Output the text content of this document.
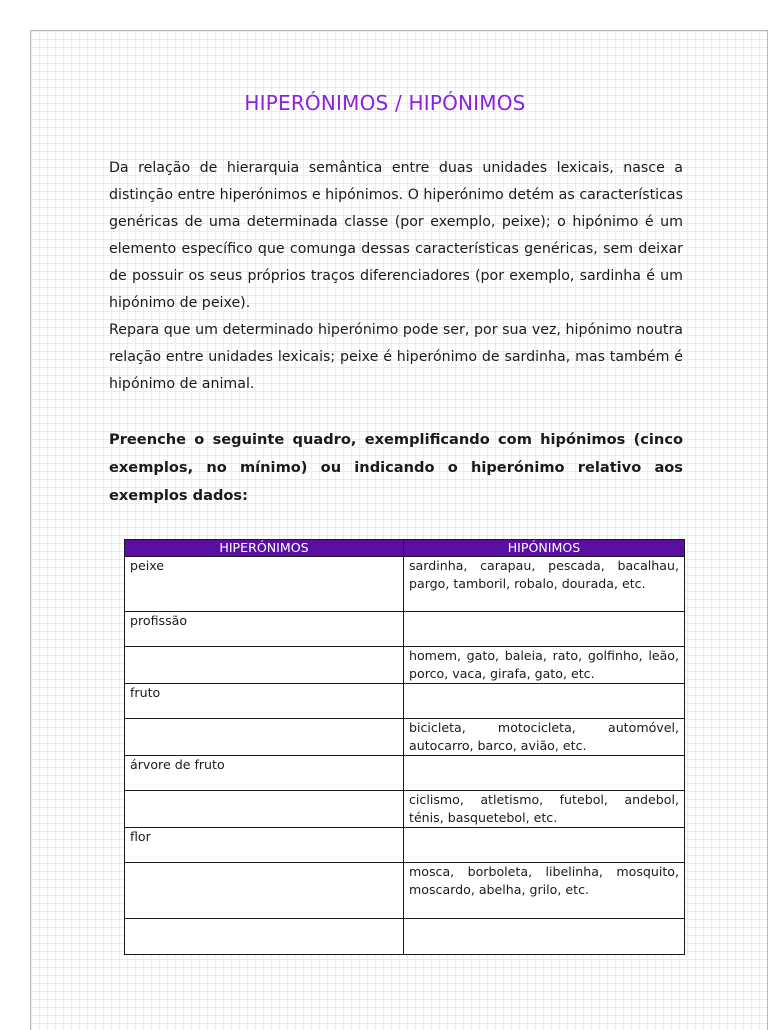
HIPERÓNIMOS / HIPÓNIMOS

Da relação de hierarquia semântica entre duas unidades lexicais, nasce a distinção entre hiperónimos e hipónimos. O hiperónimo detém as características genéricas de uma determinada classe (por exemplo, peixe); o hipónimo é um elemento específico que comunga dessas características genéricas, sem deixar de possuir os seus próprios traços diferenciadores (por exemplo, sardinha é um hipónimo de peixe).

Repara que um determinado hiperónimo pode ser, por sua vez, hipónimo noutra relação entre unidades lexicais; peixe é hiperónimo de sardinha, mas também é hipónimo de animal.

Preenche o seguinte quadro, exemplificando com hipónimos (cinco exemplos, no mínimo) ou indicando o hiperónimo relativo aos exemplos dados:

HIPERÓNIMOS	HIPÓNIMOS
peixe	sardinha, carapau, pescada, bacalhau, pargo, tamboril, robalo, dourada, etc.
profissão	
	homem, gato, baleia, rato, golfinho, leão, porco, vaca, girafa, gato, etc.
fruto	
	bicicleta, motocicleta, automóvel, autocarro, barco, avião, etc.
árvore de fruto	
	ciclismo, atletismo, futebol, andebol, ténis, basquetebol, etc.
flor	
	mosca, borboleta, libelinha, mosquito, moscardo, abelha, grilo, etc.
